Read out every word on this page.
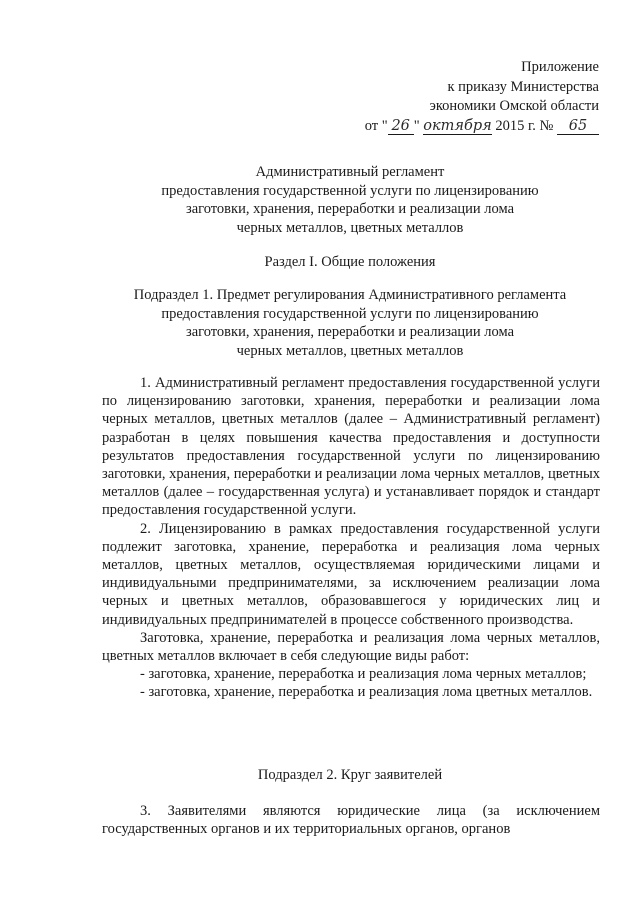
Приложение
к приказу Министерства
экономики Омской области
от " 26 " октября 2015 г. № 65
Административный регламент
предоставления государственной услуги по лицензированию
заготовки, хранения, переработки и реализации лома
черных металлов, цветных металлов
Раздел I. Общие положения
Подраздел 1. Предмет регулирования Административного регламента
предоставления государственной услуги по лицензированию
заготовки, хранения, переработки и реализации лома
черных металлов, цветных металлов

1. Административный регламент предоставления государственной услуги по лицензированию заготовки, хранения, переработки и реализации лома черных металлов, цветных металлов (далее – Административный регламент) разработан в целях повышения качества предоставления и доступности результатов предоставления государственной услуги по лицензированию заготовки, хранения, переработки и реализации лома черных металлов, цветных металлов (далее – государственная услуга) и устанавливает порядок и стандарт предоставления государственной услуги.

2. Лицензированию в рамках предоставления государственной услуги подлежит заготовка, хранение, переработка и реализация лома черных металлов, цветных металлов, осуществляемая юридическими лицами и индивидуальными предпринимателями, за исключением реализации лома черных и цветных металлов, образовавшегося у юридических лиц и индивидуальных предпринимателей в процессе собственного производства.

Заготовка, хранение, переработка и реализация лома черных металлов, цветных металлов включает в себя следующие виды работ:

- заготовка, хранение, переработка и реализация лома черных металлов;

- заготовка, хранение, переработка и реализация лома цветных металлов.

Подраздел 2. Круг заявителей

3. Заявителями являются юридические лица (за исключением государственных органов и их территориальных органов, органов
